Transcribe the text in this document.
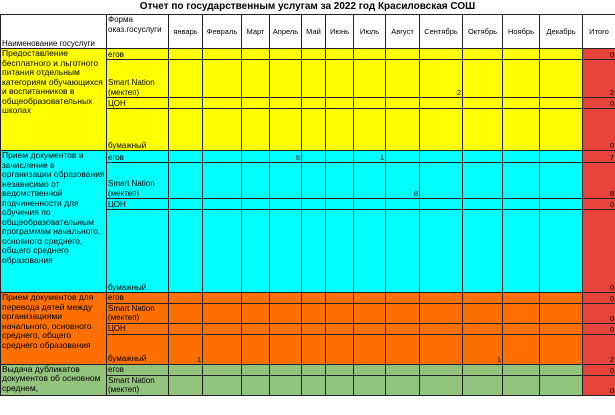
Отчет по государственным услугам за 2022 год Красиловская СОШ
Наименование госуслуги	Форма оказ.госуслуги	январь	Февраль	Март	Апрель	Май	Июнь	Июль	Август	Сентябрь	Октябрь	Ноябрь	Декабрь	Итого
Предоставление бесплатного и льготного питания отдельным категориям обучающихся и воспитанников в общеобразовательных школах	егов													0
	Smart Nation (мектеп)									2				2
	ЦОН													0
	бумажный													0
Прием документов и зачисление в организации образования независимо от ведомственной подчиненности для обучения по общеобразовательным программам начального, основного среднего, общего среднего образования	егов				6			1						7
	Smart Nation (мектеп)								8					8
	ЦОН													0
	бумажный													0
Прием документов для перевода детей между организациями начального, основного среднего, общего среднего образования	егов													0
	Smart Nation (мектеп)													0
	ЦОН													0
	бумажный	1									1			2
Выдача дубликатов документов об основном среднем,	егов													0
	Smart Nation (мектеп)													0
